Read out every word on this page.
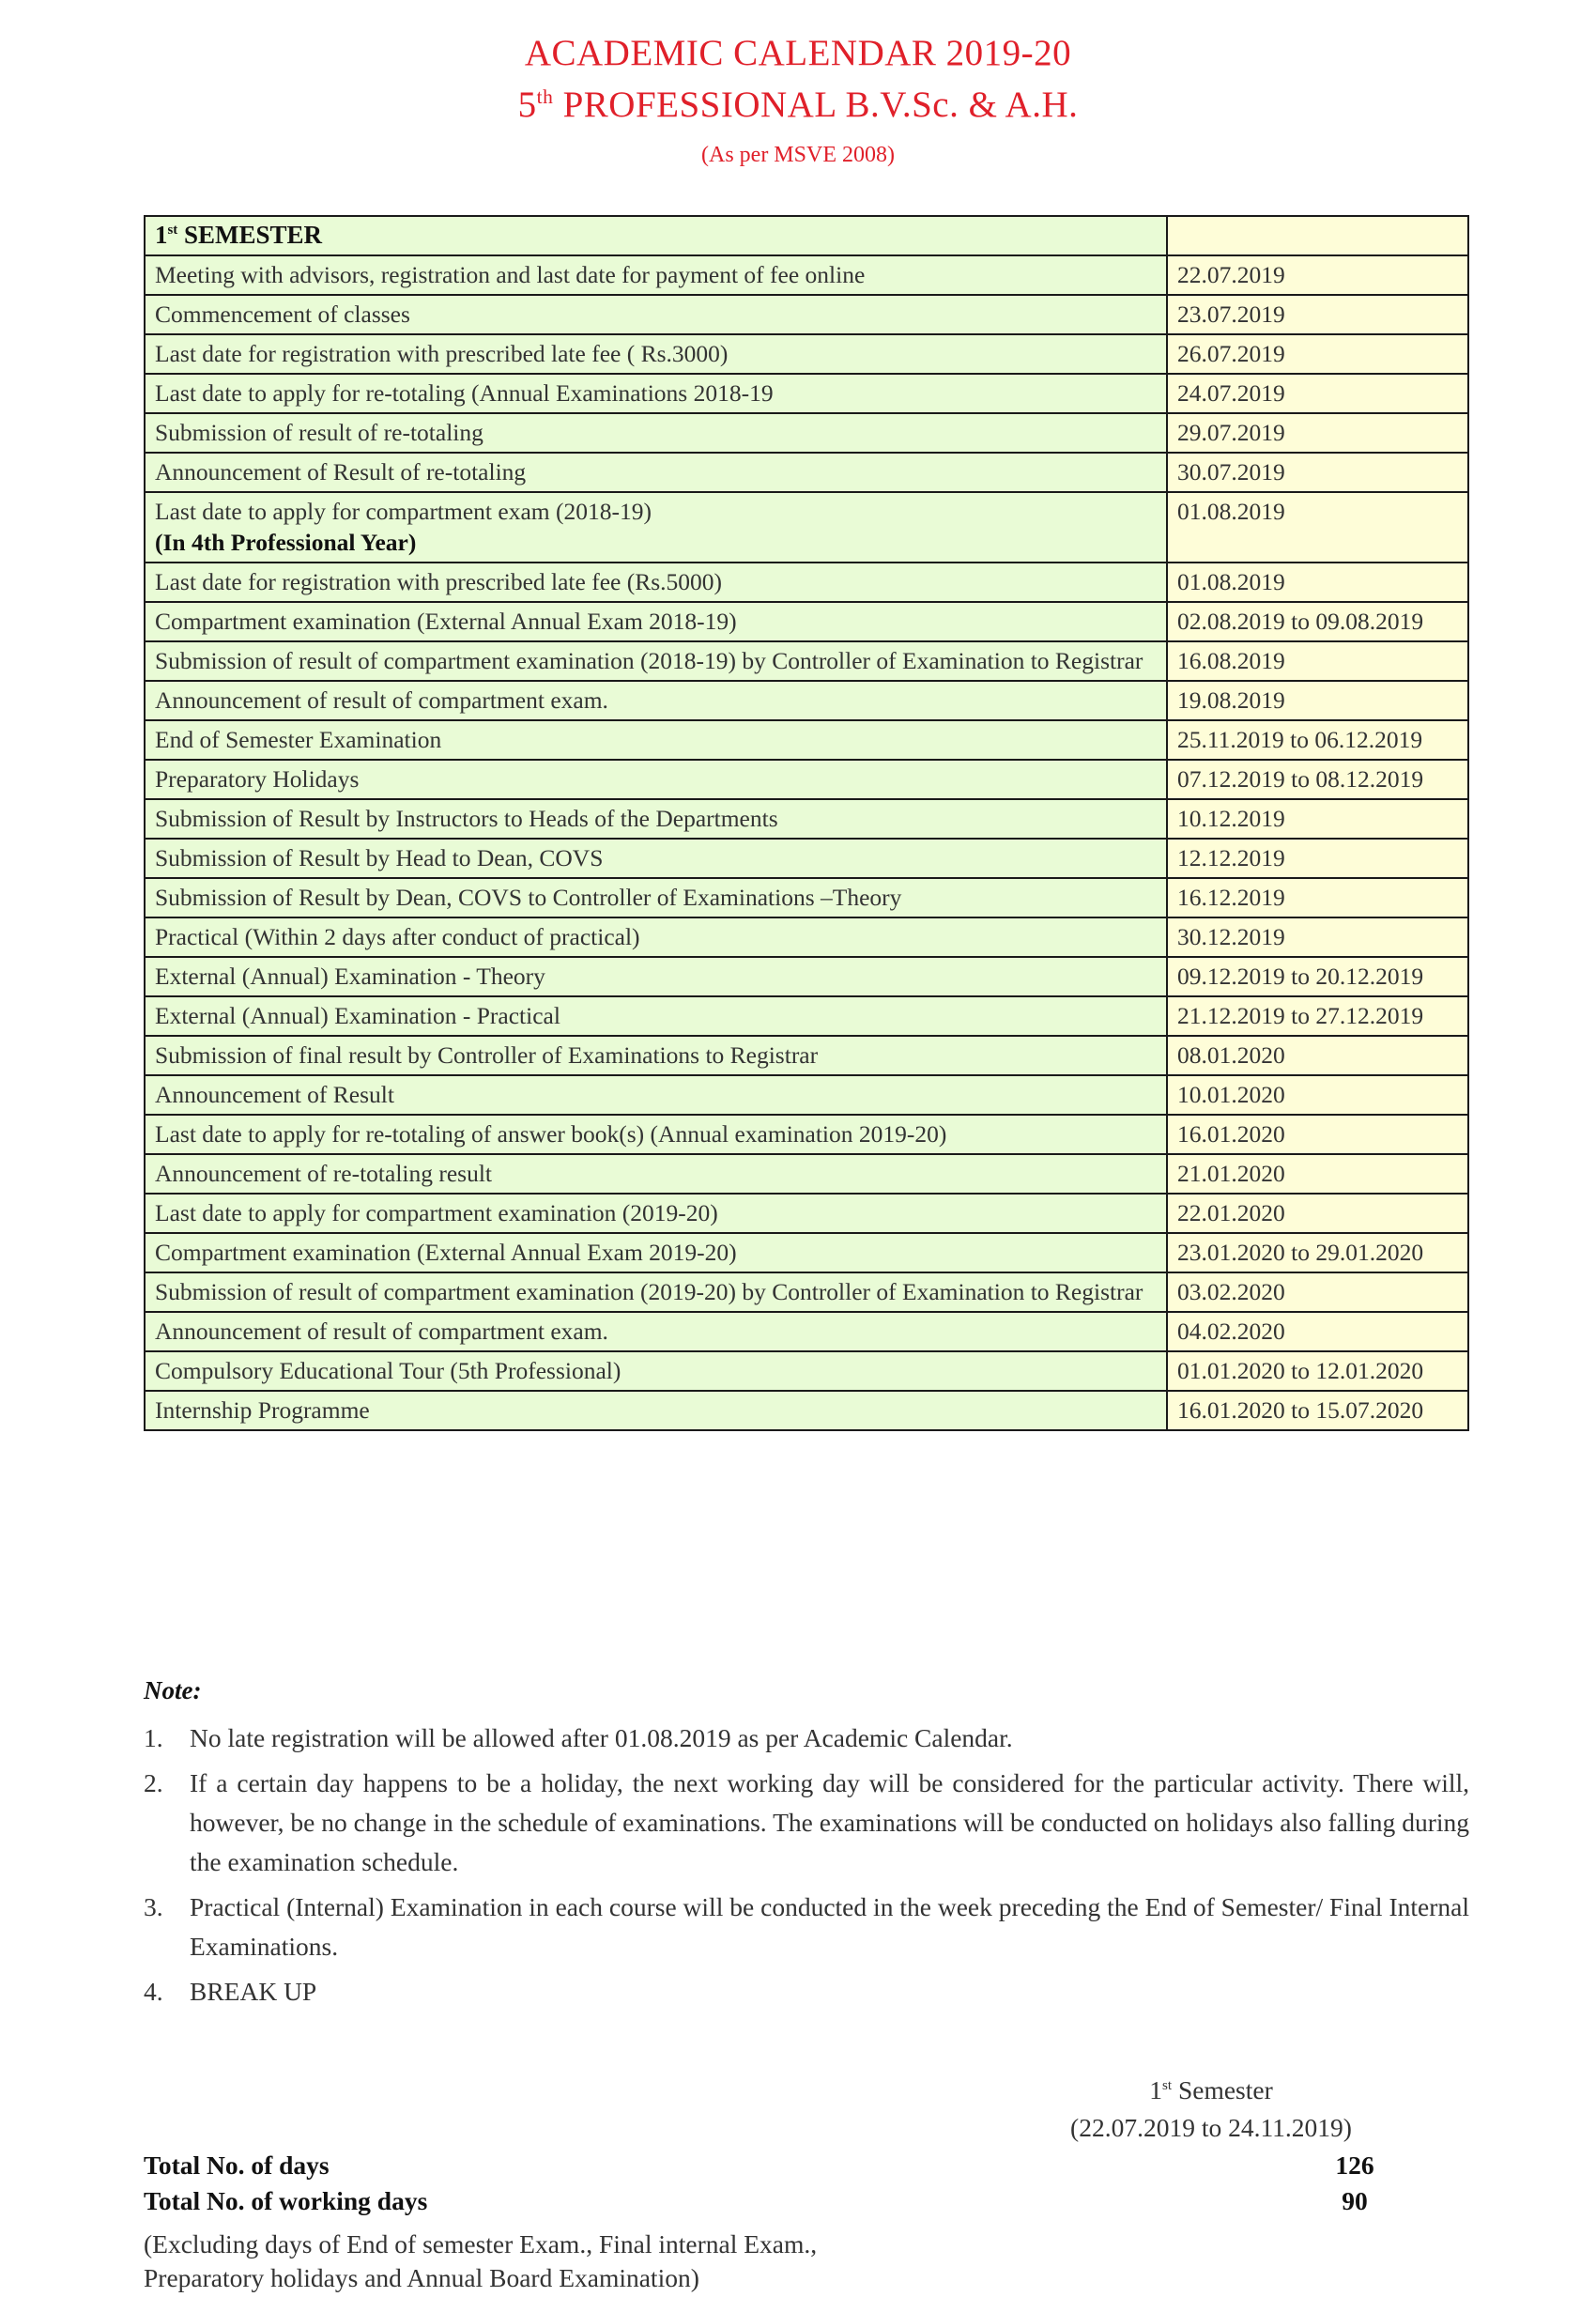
ACADEMIC CALENDAR 2019-20
5th PROFESSIONAL B.V.Sc. & A.H.
(As per MSVE 2008)
1st SEMESTER	
Meeting with advisors, registration and last date for payment of fee online	22.07.2019
Commencement of classes	23.07.2019
Last date for registration with prescribed late fee ( Rs.3000)	26.07.2019
Last date to apply for re-totaling (Annual Examinations 2018-19	24.07.2019
Submission of result of re-totaling	29.07.2019
Announcement of Result of re-totaling	30.07.2019
Last date to apply for compartment exam (2018-19)
(In 4th Professional Year)	01.08.2019
Last date for registration with prescribed late fee (Rs.5000)	01.08.2019
Compartment examination (External Annual Exam 2018-19)	02.08.2019 to 09.08.2019
Submission of result of compartment examination (2018-19) by Controller of Examination to Registrar	16.08.2019
Announcement of result of compartment exam.	19.08.2019
End of Semester Examination	25.11.2019 to 06.12.2019
Preparatory Holidays	07.12.2019 to 08.12.2019
Submission of Result by Instructors to Heads of the Departments	10.12.2019
Submission of Result by Head to Dean, COVS	12.12.2019
Submission of Result by Dean, COVS to Controller of Examinations –Theory	16.12.2019
Practical (Within 2 days after conduct of practical)	30.12.2019
External (Annual) Examination - Theory	09.12.2019 to 20.12.2019
External (Annual) Examination - Practical	21.12.2019 to 27.12.2019
Submission of final result by Controller of Examinations to Registrar	08.01.2020
Announcement of Result	10.01.2020
Last date to apply for re-totaling of answer book(s) (Annual examination 2019-20)	16.01.2020
Announcement of re-totaling result	21.01.2020
Last date to apply for compartment examination (2019-20)	22.01.2020
Compartment examination (External Annual Exam 2019-20)	23.01.2020 to 29.01.2020
Submission of result of compartment examination (2019-20) by Controller of Examination to Registrar	03.02.2020
Announcement of result of compartment exam.	04.02.2020
Compulsory Educational Tour (5th Professional)	01.01.2020 to 12.01.2020
Internship Programme	16.01.2020 to 15.07.2020
Note:
1.	No late registration will be allowed after 01.08.2019 as per Academic Calendar.
2.	If a certain day happens to be a holiday, the next working day will be considered for the particular activity. There will, however, be no change in the schedule of examinations. The examinations will be conducted on holidays also falling during the examination schedule.
3.	Practical (Internal) Examination in each course will be conducted in the week preceding the End of Semester/ Final Internal Examinations.
4.	BREAK UP
1st Semester
(22.07.2019 to 24.11.2019)
Total No. of days	126
Total No. of working days	90
(Excluding days of End of semester Exam., Final internal Exam.,
Preparatory holidays and Annual Board Examination)
